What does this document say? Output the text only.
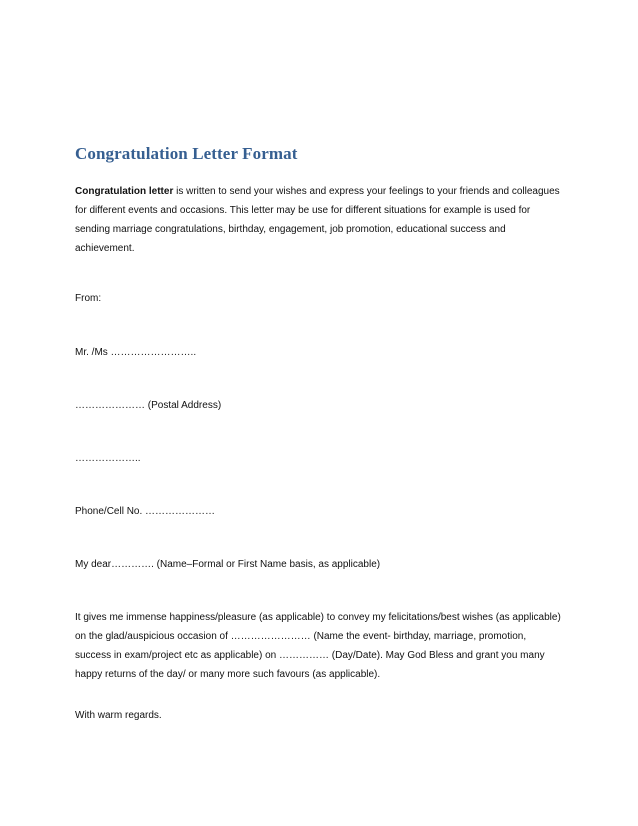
Congratulation Letter Format

Congratulation letter is written to send your wishes and express your feelings to your friends and colleagues for different events and occasions. This letter may be use for different situations for example is used for sending marriage congratulations, birthday, engagement, job promotion, educational success and achievement.

From:

Mr. /Ms ……………………..

………………… (Postal Address)

………………..

Phone/Cell No. …………………

My dear…………. (Name–Formal or First Name basis, as applicable)

It gives me immense happiness/pleasure (as applicable) to convey my felicitations/best wishes (as applicable) on the glad/auspicious occasion of …………………… (Name the event- birthday, marriage, promotion, success in exam/project etc as applicable) on …………… (Day/Date). May God Bless and grant you many happy returns of the day/ or many more such favours (as applicable).

With warm regards.
